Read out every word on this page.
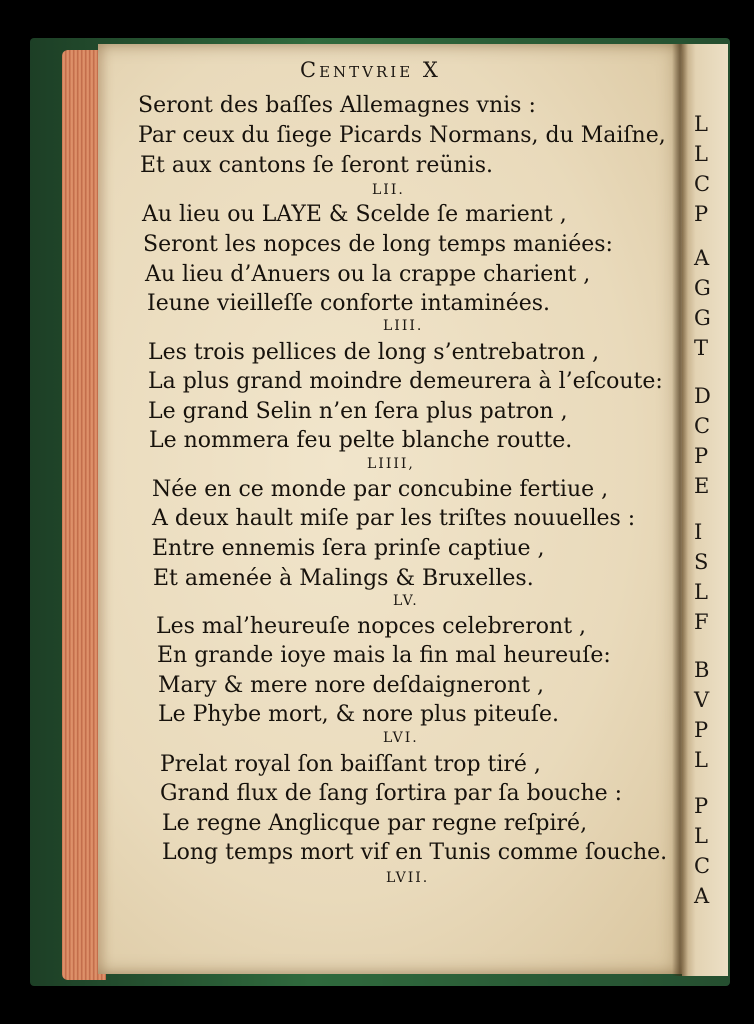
L
L
C
P
A
G
G
T
D
C
P
E
I
S
L
F
B
V
P
L
P
L
C
A
Centvrie X
Seront des baſſes Allemagnes vnis :
Par ceux du ſiege Picards Normans, du Maiſne,
Et aux cantons ſe ſeront reünis.
LII.
Au lieu ou LAYE & Scelde ſe marient ,
Seront les nopces de long temps maniées:
Au lieu d’Anuers ou la crappe charient ,
Ieune vieilleſſe conforte intaminées.
LIII.
Les trois pellices de long s’entrebatron ,
La plus grand moindre demeurera à l’eſcoute:
Le grand Selin n’en ſera plus patron ,
Le nommera feu pelte blanche routte.
LIIII,
Née en ce monde par concubine fertiue ,
A deux hault miſe par les triſtes nouuelles :
Entre ennemis ſera prinſe captiue ,
Et amenée à Malings & Bruxelles.
LV.
Les mal’heureuſe nopces celebreront ,
En grande ioye mais la fin mal heureuſe:
Mary & mere nore deſdaigneront ,
Le Phybe mort, & nore plus piteuſe.
LVI.
Prelat royal ſon baiſſant trop tiré ,
Grand flux de ſang ſortira par ſa bouche :
Le regne Anglicque par regne reſpiré,
Long temps mort vif en Tunis comme ſouche.
LVII.
